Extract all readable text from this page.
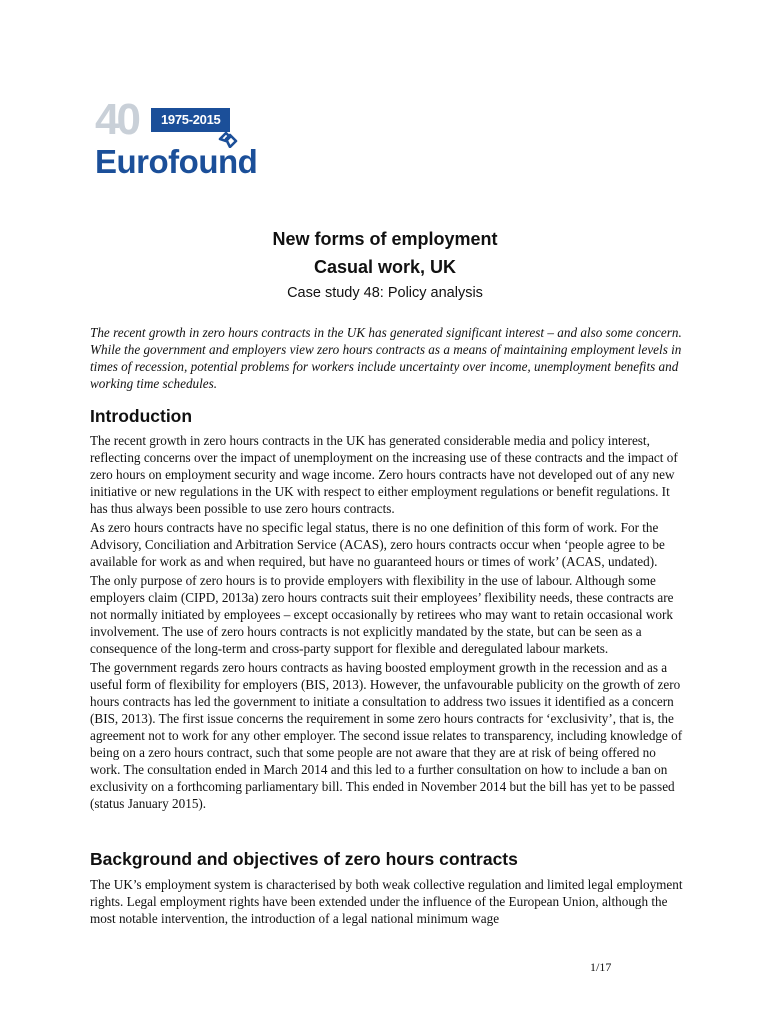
40	1975-2015
Eurofound
New forms of employment
Casual work, UK
Case study 48: Policy analysis
The recent growth in zero hours contracts in the UK has generated significant interest – and also some concern. While the government and employers view zero hours contracts as a means of maintaining employment levels in times of recession, potential problems for workers include uncertainty over income, unemployment benefits and working time schedules.
Introduction

The recent growth in zero hours contracts in the UK has generated considerable media and policy interest, reflecting concerns over the impact of unemployment on the increasing use of these contracts and the impact of zero hours on employment security and wage income. Zero hours contracts have not developed out of any new initiative or new regulations in the UK with respect to either employment regulations or benefit regulations. It has thus always been possible to use zero hours contracts.

As zero hours contracts have no specific legal status, there is no one definition of this form of work. For the Advisory, Conciliation and Arbitration Service (ACAS), zero hours contracts occur when ‘people agree to be available for work as and when required, but have no guaranteed hours or times of work’ (ACAS, undated).

The only purpose of zero hours is to provide employers with flexibility in the use of labour. Although some employers claim (CIPD, 2013a) zero hours contracts suit their employees’ flexibility needs, these contracts are not normally initiated by employees – except occasionally by retirees who may want to retain occasional work involvement. The use of zero hours contracts is not explicitly mandated by the state, but can be seen as a consequence of the long-term and cross-party support for flexible and deregulated labour markets.

The government regards zero hours contracts as having boosted employment growth in the recession and as a useful form of flexibility for employers (BIS, 2013). However, the unfavourable publicity on the growth of zero hours contracts has led the government to initiate a consultation to address two issues it identified as a concern (BIS, 2013). The first issue concerns the requirement in some zero hours contracts for ‘exclusivity’, that is, the agreement not to work for any other employer. The second issue relates to transparency, including knowledge of being on a zero hours contract, such that some people are not aware that they are at risk of being offered no work. The consultation ended in March 2014 and this led to a further consultation on how to include a ban on exclusivity on a forthcoming parliamentary bill. This ended in November 2014 but the bill has yet to be passed (status January 2015).

Background and objectives of zero hours contracts

The UK’s employment system is characterised by both weak collective regulation and limited legal employment rights. Legal employment rights have been extended under the influence of the European Union, although the most notable intervention, the introduction of a legal national minimum wage

1/17
